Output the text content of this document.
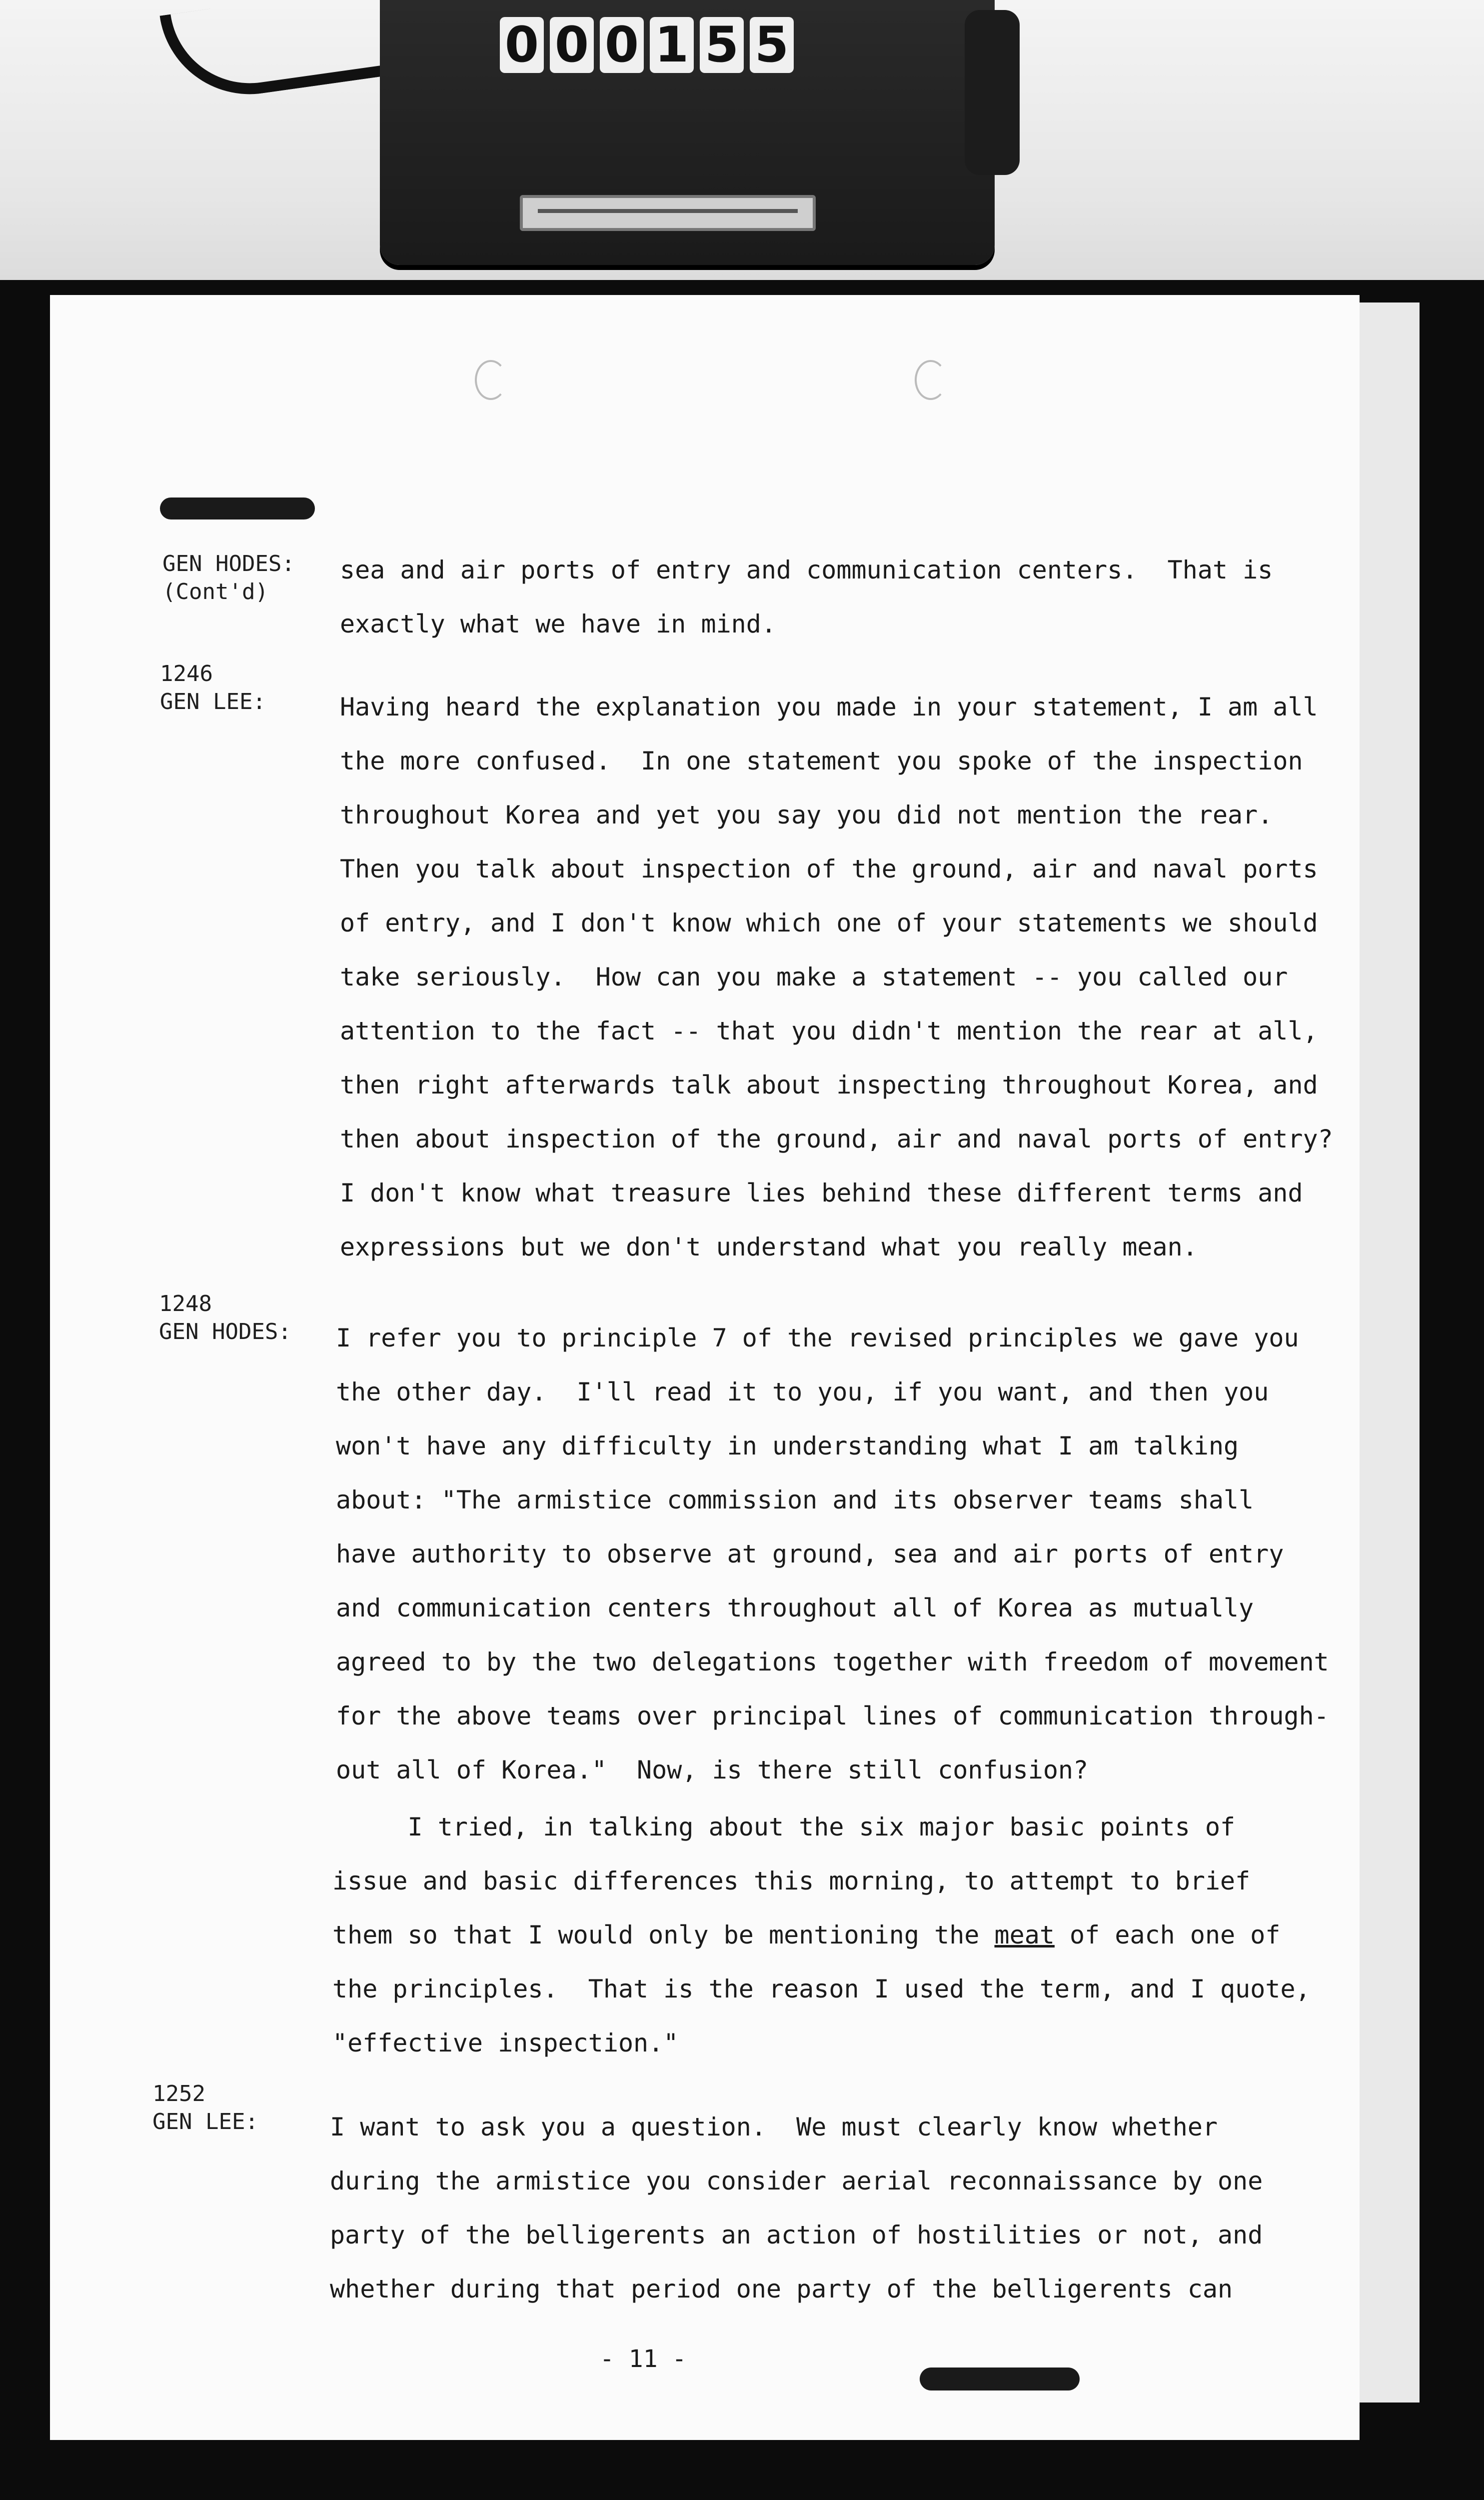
0 0 0 1 5 5
GEN HODES:
(Cont'd)
sea and air ports of entry and communication centers.  That is
exactly what we have in mind.
1246
GEN LEE:	Having heard the explanation you made in your statement, I am all
the more confused.  In one statement you spoke of the inspection
throughout Korea and yet you say you did not mention the rear.
Then you talk about inspection of the ground, air and naval ports
of entry, and I don't know which one of your statements we should
take seriously.  How can you make a statement -- you called our
attention to the fact -- that you didn't mention the rear at all,
then right afterwards talk about inspecting throughout Korea, and
then about inspection of the ground, air and naval ports of entry?
I don't know what treasure lies behind these different terms and
expressions but we don't understand what you really mean.
1248
GEN HODES:	I refer you to principle 7 of the revised principles we gave you
the other day.  I'll read it to you, if you want, and then you
won't have any difficulty in understanding what I am talking
about: "The armistice commission and its observer teams shall
have authority to observe at ground, sea and air ports of entry
and communication centers throughout all of Korea as mutually
agreed to by the two delegations together with freedom of movement
for the above teams over principal lines of communication through-
out all of Korea."  Now, is there still confusion?
I tried, in talking about the six major basic points of
issue and basic differences this morning, to attempt to brief
them so that I would only be mentioning the meat of each one of
the principles.  That is the reason I used the term, and I quote,
"effective inspection."
1252
GEN LEE:	I want to ask you a question.  We must clearly know whether
during the armistice you consider aerial reconnaissance by one
party of the belligerents an action of hostilities or not, and
whether during that period one party of the belligerents can
- 11 -
